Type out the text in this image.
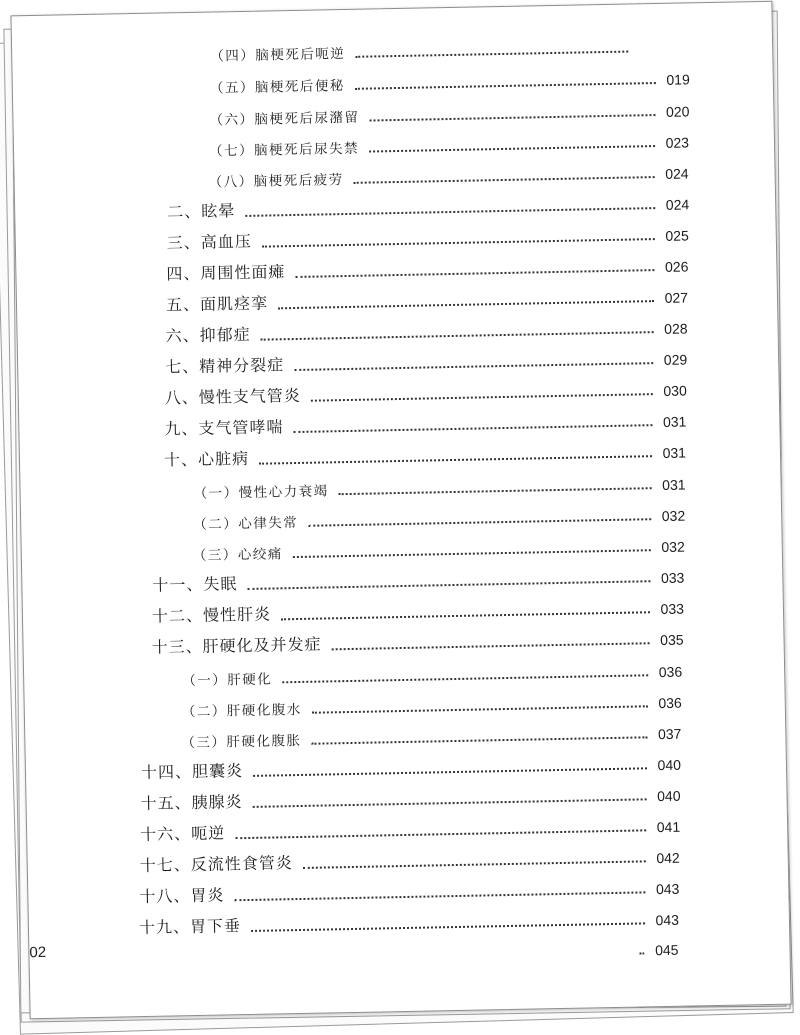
（四）脑梗死后呃逆
（五）脑梗死后便秘	019
（六）脑梗死后尿潴留	020
（七）脑梗死后尿失禁	023
（八）脑梗死后疲劳	024
二、眩晕	024
三、高血压	025
四、周围性面瘫	026
五、面肌痉挛	027
六、抑郁症	028
七、精神分裂症	029
八、慢性支气管炎	030
九、支气管哮喘	031
十、心脏病	031
（一）慢性心力衰竭	031
（二）心律失常	032
（三）心绞痛	032
十一、失眠	033
十二、慢性肝炎	033
十三、肝硬化及并发症	035
（一）肝硬化	036
（二）肝硬化腹水	036
（三）肝硬化腹胀	037
十四、胆囊炎	040
十五、胰腺炎	040
十六、呃逆	041
十七、反流性食管炎	042
十八、胃炎	043
十九、胃下垂	043
045
02
